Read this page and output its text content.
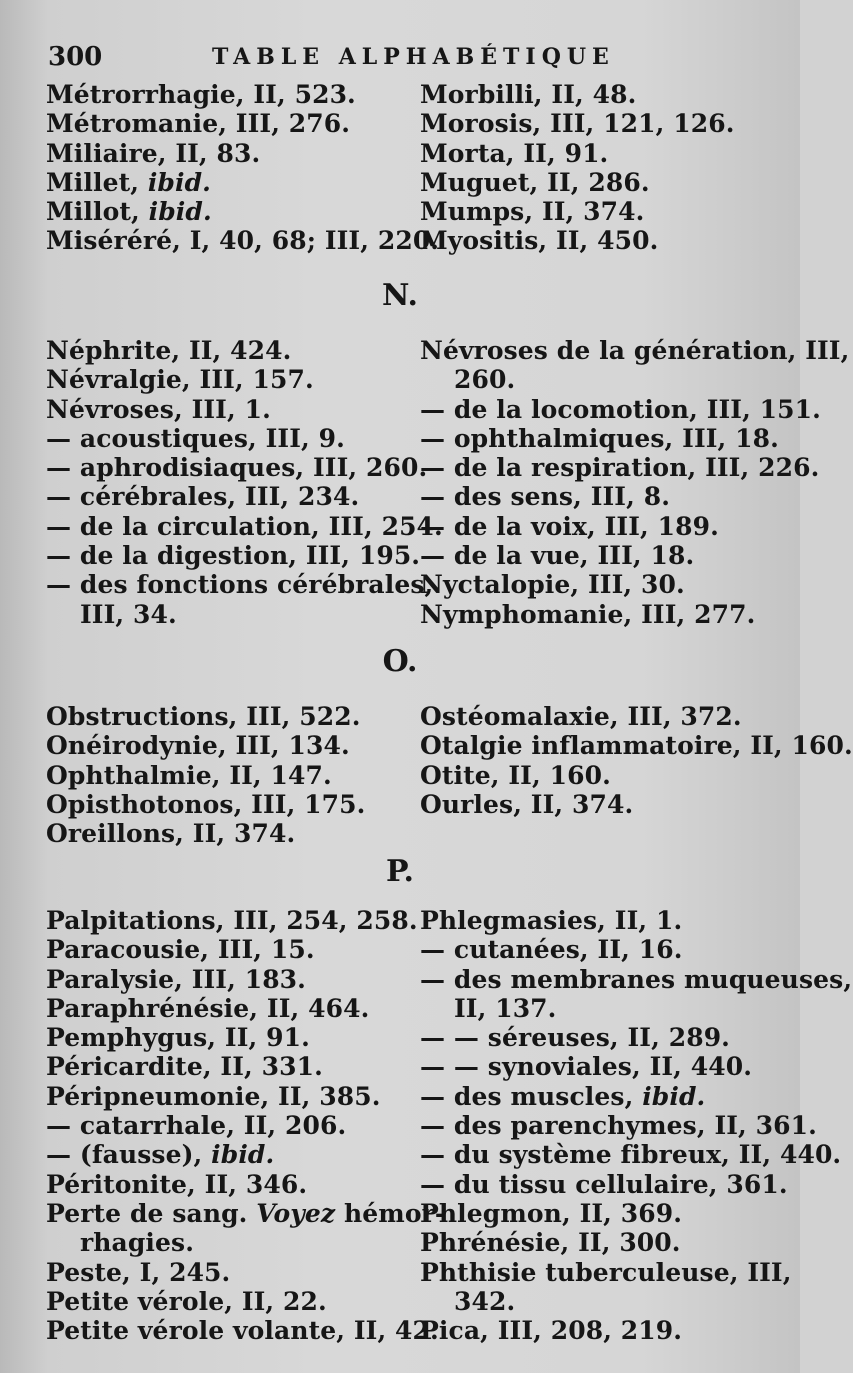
300	TABLE ALPHABÉTIQUE
N.
O.
P.
Métrorrhagie, II, 523.
Métromanie, III, 276.
Miliaire, II, 83.
Millet, ibid.
Millot, ibid.
Miséréré, I, 40, 68; III, 220.
Morbilli, II, 48.
Morosis, III, 121, 126.
Morta, II, 91.
Muguet, II, 286.
Mumps, II, 374.
Myositis, II, 450.
Néphrite, II, 424.
Névralgie, III, 157.
Névroses, III, 1.
— acoustiques, III, 9.
— aphrodisiaques, III, 260.
— cérébrales, III, 234.
— de la circulation, III, 254.
— de la digestion, III, 195.
— des fonctions cérébrales,
III, 34.
Névroses de la génération, III,
260.
— de la locomotion, III, 151.
— ophthalmiques, III, 18.
— de la respiration, III, 226.
— des sens, III, 8.
— de la voix, III, 189.
— de la vue, III, 18.
Nyctalopie, III, 30.
Nymphomanie, III, 277.
Obstructions, III, 522.
Onéirodynie, III, 134.
Ophthalmie, II, 147.
Opisthotonos, III, 175.
Oreillons, II, 374.
Ostéomalaxie, III, 372.
Otalgie inflammatoire, II, 160.
Otite, II, 160.
Ourles, II, 374.
Palpitations, III, 254, 258.
Paracousie, III, 15.
Paralysie, III, 183.
Paraphrénésie, II, 464.
Pemphygus, II, 91.
Péricardite, II, 331.
Péripneumonie, II, 385.
— catarrhale, II, 206.
— (fausse), ibid.
Péritonite, II, 346.
Perte de sang. Voyez hémor-
rhagies.
Peste, I, 245.
Petite vérole, II, 22.
Petite vérole volante, II, 42.
Phlegmasies, II, 1.
— cutanées, II, 16.
— des membranes muqueuses,
II, 137.
— — séreuses, II, 289.
— — synoviales, II, 440.
— des muscles, ibid.
— des parenchymes, II, 361.
— du système fibreux, II, 440.
— du tissu cellulaire, 361.
Phlegmon, II, 369.
Phrénésie, II, 300.
Phthisie tuberculeuse, III,
342.
Pica, III, 208, 219.
